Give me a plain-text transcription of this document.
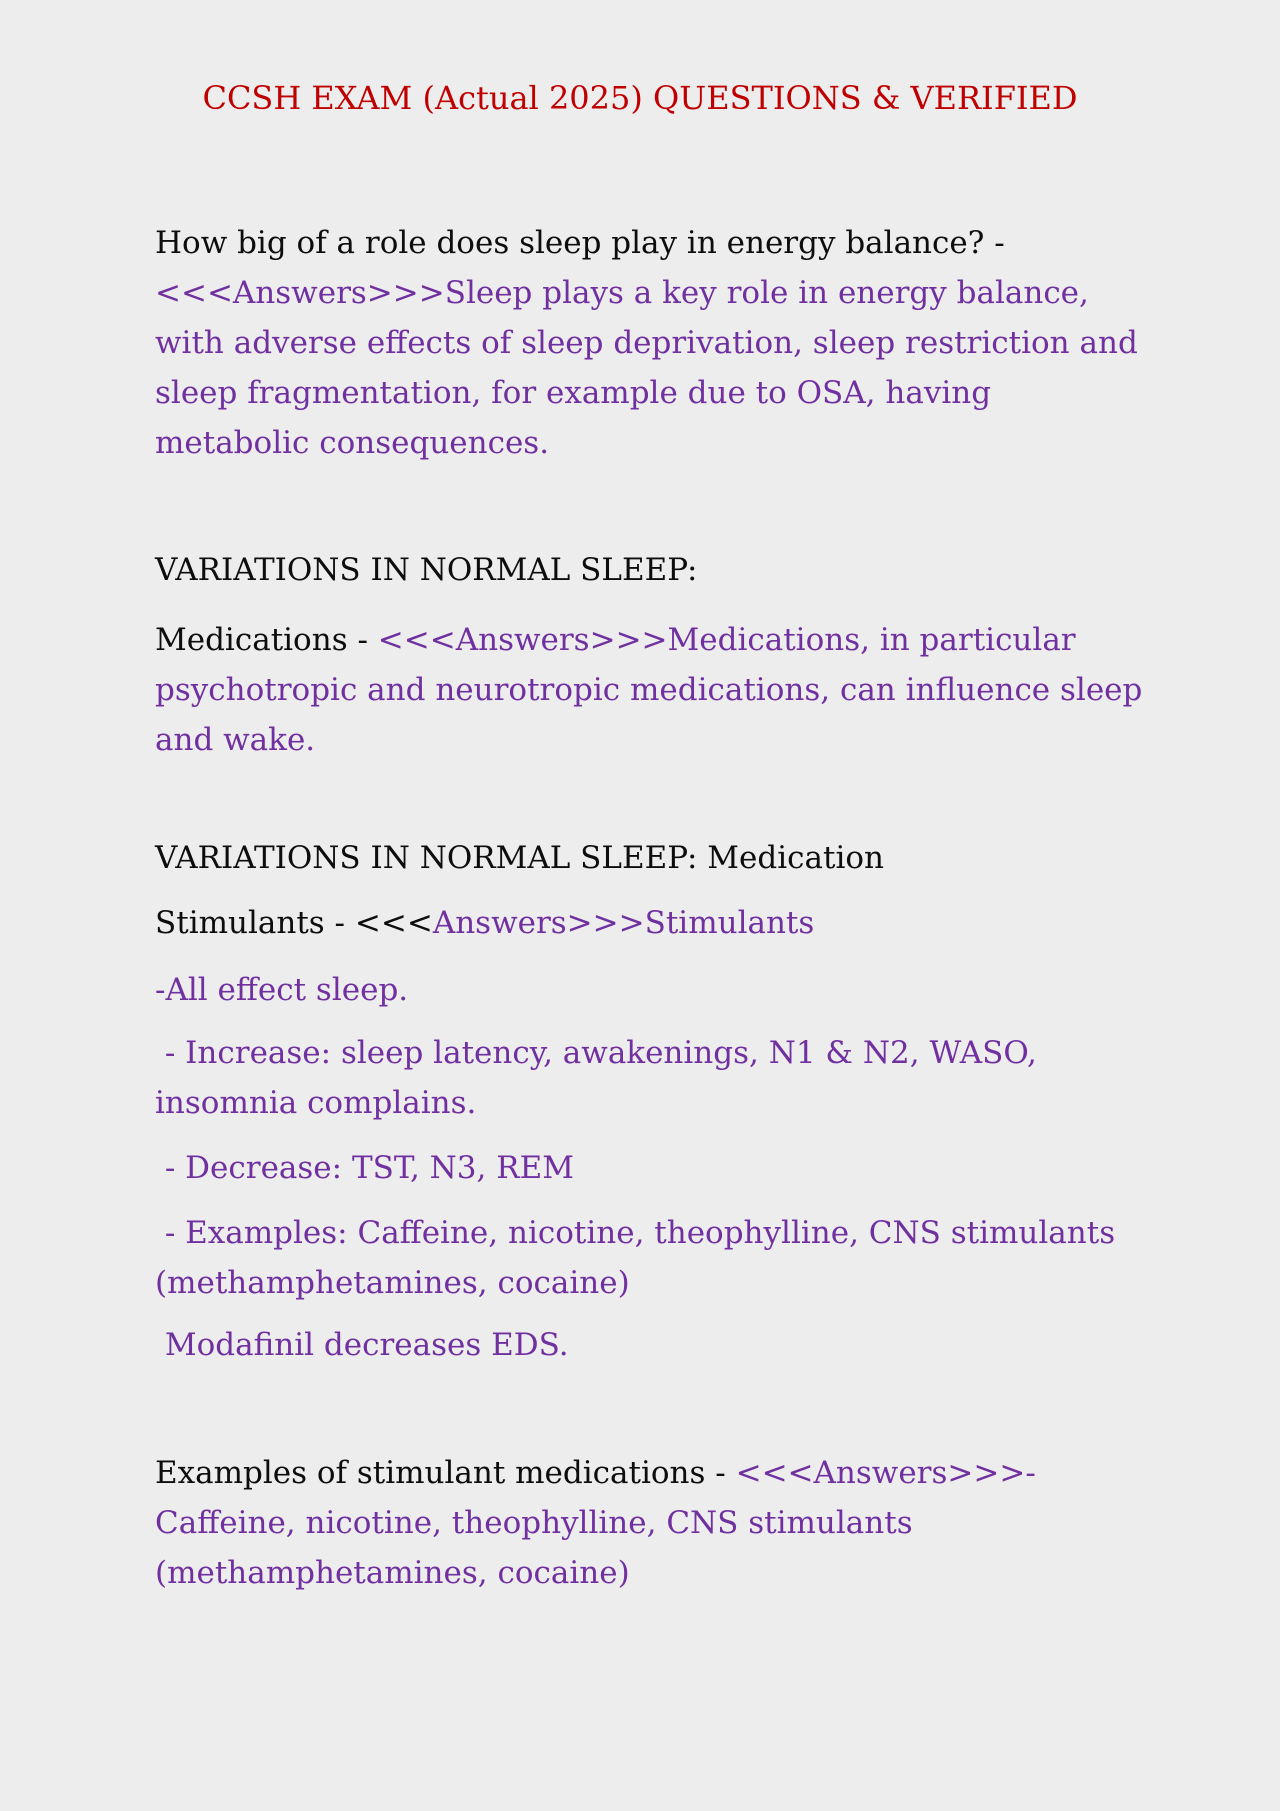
CCSH EXAM (Actual 2025) QUESTIONS & VERIFIED
How big of a role does sleep play in energy balance? -
<<<Answers>>>Sleep plays a key role in energy balance,
with adverse effects of sleep deprivation, sleep restriction and
sleep fragmentation, for example due to OSA, having
metabolic consequences.
VARIATIONS IN NORMAL SLEEP:
Medications - <<<Answers>>>Medications, in particular
psychotropic and neurotropic medications, can influence sleep
and wake.
VARIATIONS IN NORMAL SLEEP: Medication
Stimulants - <<<Answers>>>Stimulants
-All effect sleep.
- Increase: sleep latency, awakenings, N1 & N2, WASO,
insomnia complains.
- Decrease: TST, N3, REM
- Examples: Caffeine, nicotine, theophylline, CNS stimulants
(methamphetamines, cocaine)
Modafinil decreases EDS.
Examples of stimulant medications - <<<Answers>>>-
Caffeine, nicotine, theophylline, CNS stimulants
(methamphetamines, cocaine)
